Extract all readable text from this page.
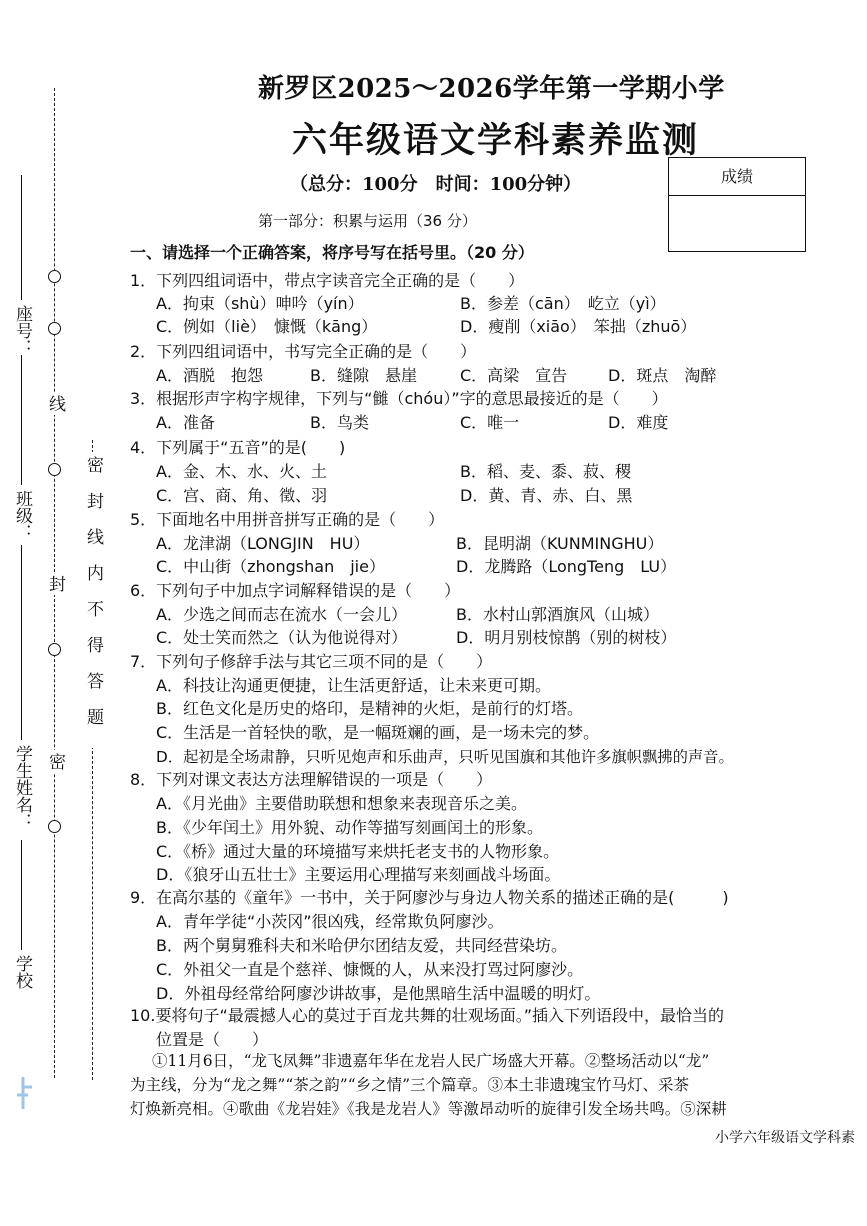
线
封
密
密封线内不得答题
座号：
班级：
学生姓名：
学校
新罗区2025～2026学年第一学期小学
六年级语文学科素养监测
（总分：100分　时间：100分钟）	成绩
第一部分：积累与运用（36 分）
一、请选择一个正确答案，将序号写在括号里。（20 分）
1．下列四组词语中，带点字读音完全正确的是（　　）
A．拘束（shù）呻吟（yín）	B．参差（cān）　屹立（yì）
C．例如（liè）　慷慨（kāng）	D．瘦削（xiāo）　笨拙（zhuō）
2．下列四组词语中，书写完全正确的是（　　）
A．酒脱　抱怨	B．缝隙　悬崖	C．高梁　宣告	D．斑点　淘醉
3．根据形声字构字规律，下列与“雠（chóu）”字的意思最接近的是（　　）
A．准备	B．鸟类	C．唯一	D．难度
4．下列属于“五音”的是(　　)
A．金、木、水、火、土	B．稻、麦、黍、菽、稷
C．宫、商、角、徵、羽	D．黄、青、赤、白、黑
5．下面地名中用拼音拼写正确的是（　　）
A．龙津湖（LONGJIN　HU）	B．昆明湖（KUNMINGHU）
C．中山街（zhongshan　jie）	D．龙腾路（LongTeng　LU）
6．下列句子中加点字词解释错误的是（　　）
A．少选之间而志在流水（一会儿）	B．水村山郭酒旗风（山城）
C．处士笑而然之（认为他说得对）	D．明月别枝惊鹊（别的树枝）
7．下列句子修辞手法与其它三项不同的是（　　）
A．科技让沟通更便捷，让生活更舒适，让未来更可期。
B．红色文化是历史的烙印，是精神的火炬，是前行的灯塔。
C．生活是一首轻快的歌，是一幅斑斓的画，是一场未完的梦。
D．起初是全场肃静，只听见炮声和乐曲声，只听见国旗和其他许多旗帜飘拂的声音。
8．下列对课文表达方法理解错误的一项是（　　）
A．《月光曲》主要借助联想和想象来表现音乐之美。
B．《少年闰土》用外貌、动作等描写刻画闰土的形象。
C．《桥》通过大量的环境描写来烘托老支书的人物形象。
D．《狼牙山五壮士》主要运用心理描写来刻画战斗场面。
9．在高尔基的《童年》一书中，关于阿廖沙与身边人物关系的描述正确的是(　　　)
A．青年学徒“小茨冈”很凶残，经常欺负阿廖沙。
B．两个舅舅雅科夫和米哈伊尔团结友爱，共同经营染坊。
C．外祖父一直是个慈祥、慷慨的人，从来没打骂过阿廖沙。
D．外祖母经常给阿廖沙讲故事，是他黑暗生活中温暖的明灯。
10.要将句子“最震撼人心的莫过于百龙共舞的壮观场面。”插入下列语段中，最恰当的
位置是（　　）
①11月6日，“龙飞凤舞”非遗嘉年华在龙岩人民广场盛大开幕。②整场活动以“龙”
为主线，分为“龙之舞”“茶之韵”“乡之情”三个篇章。③本土非遗瑰宝竹马灯、采茶
灯焕新亮相。④歌曲《龙岩娃》《我是龙岩人》等激昂动听的旋律引发全场共鸣。⑤深耕
小学六年级语文学科素
